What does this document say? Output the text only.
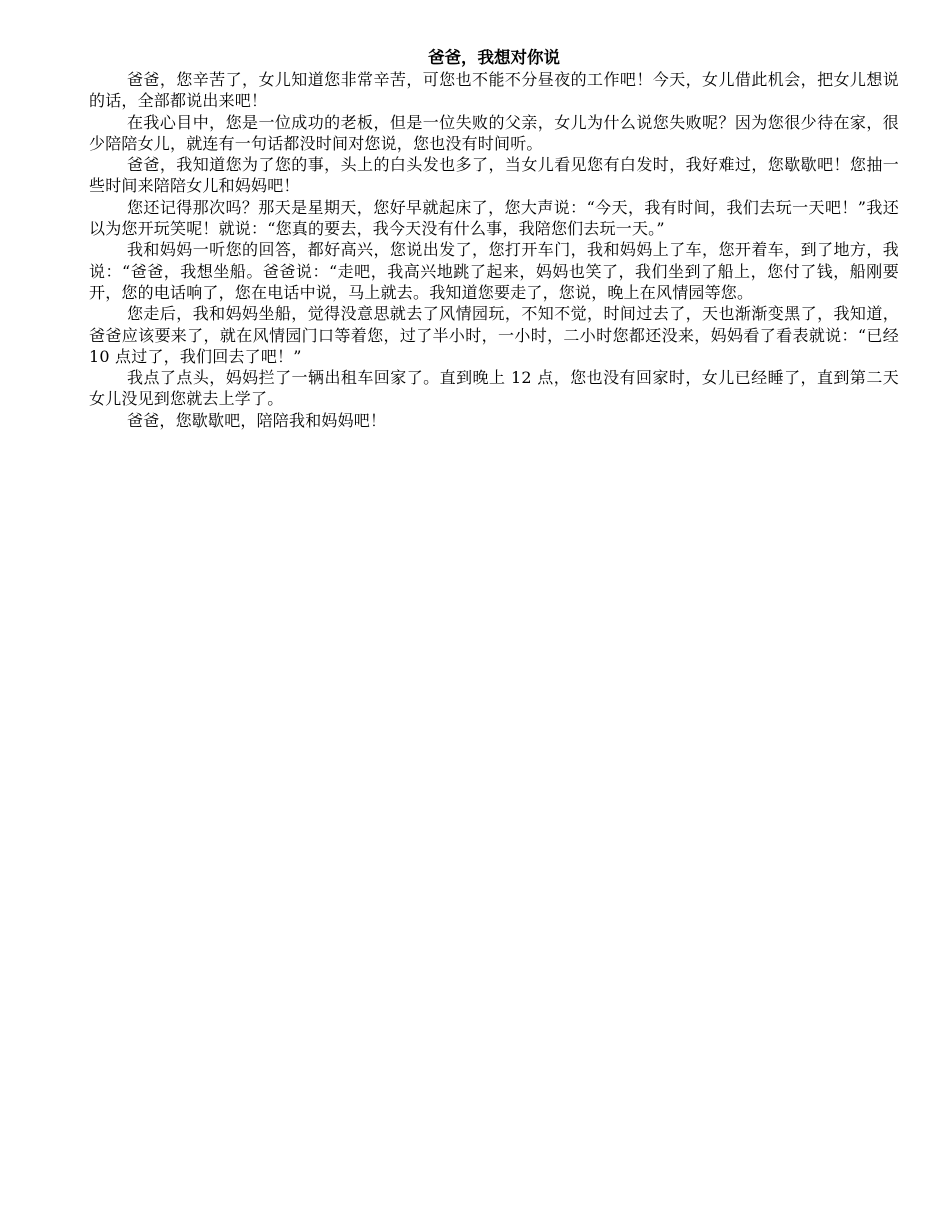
爸爸，我想对你说

爸爸，您辛苦了，女儿知道您非常辛苦，可您也不能不分昼夜的工作吧！今天，女儿借此机会，把女儿想说的话，全部都说出来吧！

在我心目中，您是一位成功的老板，但是一位失败的父亲，女儿为什么说您失败呢？因为您很少待在家，很少陪陪女儿，就连有一句话都没时间对您说，您也没有时间听。

爸爸，我知道您为了您的事，头上的白头发也多了，当女儿看见您有白发时，我好难过，您歇歇吧！您抽一些时间来陪陪女儿和妈妈吧！

您还记得那次吗？那天是星期天，您好早就起床了，您大声说：“今天，我有时间，我们去玩一天吧！”我还以为您开玩笑呢！就说：“您真的要去，我今天没有什么事，我陪您们去玩一天。”

我和妈妈一听您的回答，都好高兴，您说出发了，您打开车门，我和妈妈上了车，您开着车，到了地方，我说：“爸爸，我想坐船。爸爸说：“走吧，我高兴地跳了起来，妈妈也笑了，我们坐到了船上，您付了钱，船刚要开，您的电话响了，您在电话中说，马上就去。我知道您要走了，您说，晚上在风情园等您。

您走后，我和妈妈坐船，觉得没意思就去了风情园玩，不知不觉，时间过去了，天也渐渐变黑了，我知道，爸爸应该要来了，就在风情园门口等着您，过了半小时，一小时，二小时您都还没来，妈妈看了看表就说：“已经 10 点过了，我们回去了吧！”

我点了点头，妈妈拦了一辆出租车回家了。直到晚上 12 点，您也没有回家时，女儿已经睡了，直到第二天女儿没见到您就去上学了。

爸爸，您歇歇吧，陪陪我和妈妈吧！
